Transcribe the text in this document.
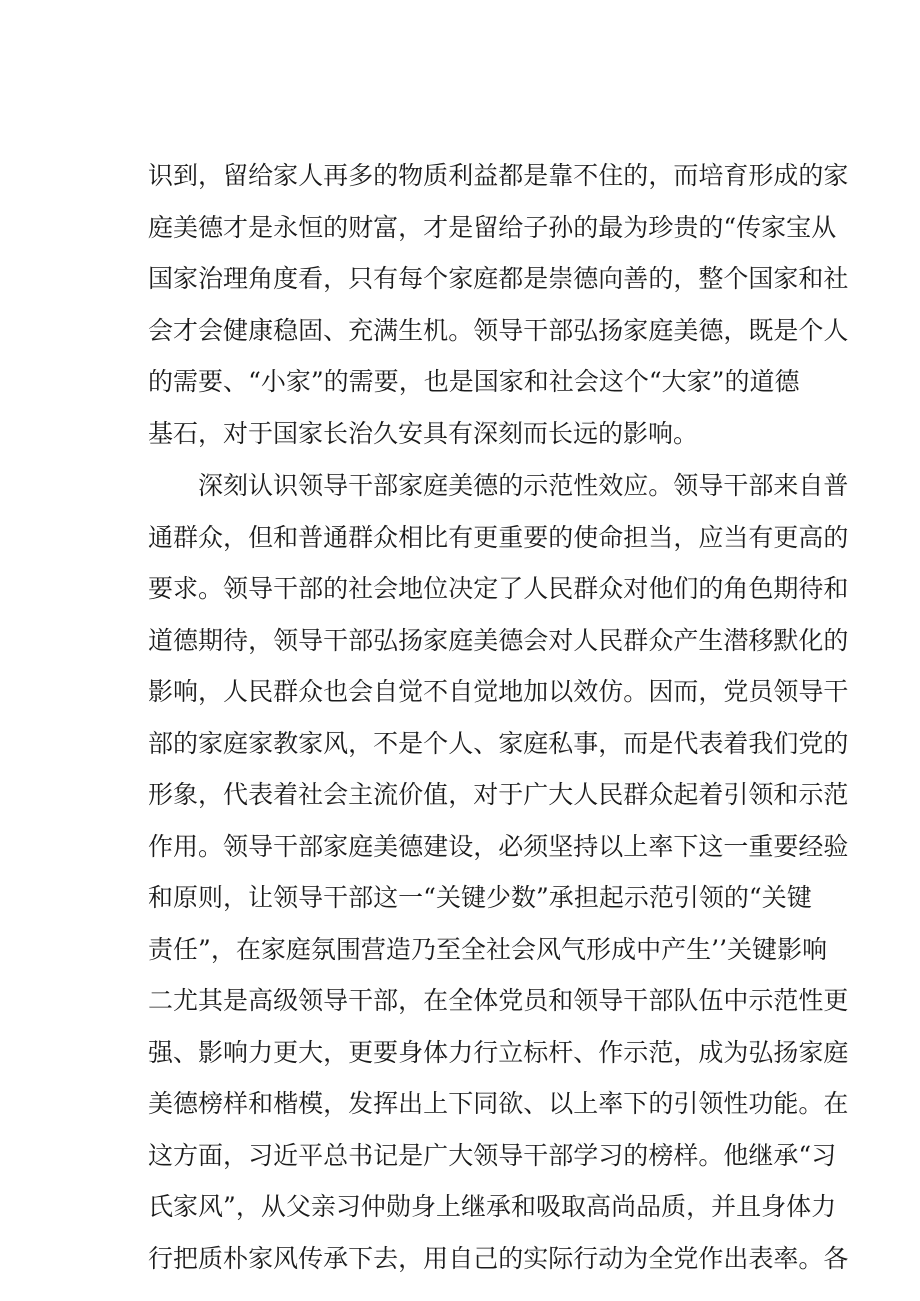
识 到 ， 留 给 家 人 再 多 的 物 质 利 益 都 是 靠 不 住 的 ， 而 培 育 形 成 的 家
庭 美 德 才 是 永 恒 的 财 富 ， 才 是 留 给 子 孙 的 最 为 珍 贵 的 “ 传 家 宝 从
国 家 治 理 角 度 看 ， 只 有 每 个 家 庭 都 是 崇 德 向 善 的 ， 整 个 国 家 和 社
会 才 会 健 康 稳 固 、 充 满 生 机 。 领 导 干 部 弘 扬 家 庭 美 德 ， 既 是 个 人
的 需 要 、 “ 小 家 ” 的 需 要 ， 也 是 国 家 和 社 会 这 个 “ 大 家 ” 的 道 德
基石，对于国家长治久安具有深刻而长远的影响。
深 刻 认 识 领 导 干 部 家 庭 美 德 的 示 范 性 效 应 。 领 导 干 部 来 自 普
通 群 众 ， 但 和 普 通 群 众 相 比 有 更 重 要 的 使 命 担 当 ， 应 当 有 更 高 的
要 求 。 领 导 干 部 的 社 会 地 位 决 定 了 人 民 群 众 对 他 们 的 角 色 期 待 和
道 德 期 待 ， 领 导 干 部 弘 扬 家 庭 美 德 会 对 人 民 群 众 产 生 潜 移 默 化 的
影 响 ， 人 民 群 众 也 会 自 觉 不 自 觉 地 加 以 效 仿 。 因 而 ， 党 员 领 导 干
部 的 家 庭 家 教 家 风 ， 不 是 个 人 、 家 庭 私 事 ， 而 是 代 表 着 我 们 党 的
形 象 ， 代 表 着 社 会 主 流 价 值 ， 对 于 广 大 人 民 群 众 起 着 引 领 和 示 范
作 用 。 领 导 干 部 家 庭 美 德 建 设 ， 必 须 坚 持 以 上 率 下 这 一 重 要 经 验
和 原 则 ， 让 领 导 干 部 这 一 “ 关 键 少 数 ” 承 担 起 示 范 引 领 的 “ 关 键
责 任 ” ， 在 家 庭 氛 围 营 造 乃 至 全 社 会 风 气 形 成 中 产 生 ’ ’ 关 键 影 响
二 尤 其 是 高 级 领 导 干 部 ， 在 全 体 党 员 和 领 导 干 部 队 伍 中 示 范 性 更
强 、 影 响 力 更 大 ， 更 要 身 体 力 行 立 标 杆 、 作 示 范 ， 成 为 弘 扬 家 庭
美 德 榜 样 和 楷 模 ， 发 挥 出 上 下 同 欲 、 以 上 率 下 的 引 领 性 功 能 。 在
这 方 面 ， 习 近 平 总 书 记 是 广 大 领 导 干 部 学 习 的 榜 样 。 他 继 承 “ 习
氏 家 风 ” ， 从 父 亲 习 仲 勋 身 上 继 承 和 吸 取 高 尚 品 质 ， 并 且 身 体 力
行 把 质 朴 家 风 传 承 下 去 ， 用 自 己 的 实 际 行 动 为 全 党 作 出 表 率 。 各
